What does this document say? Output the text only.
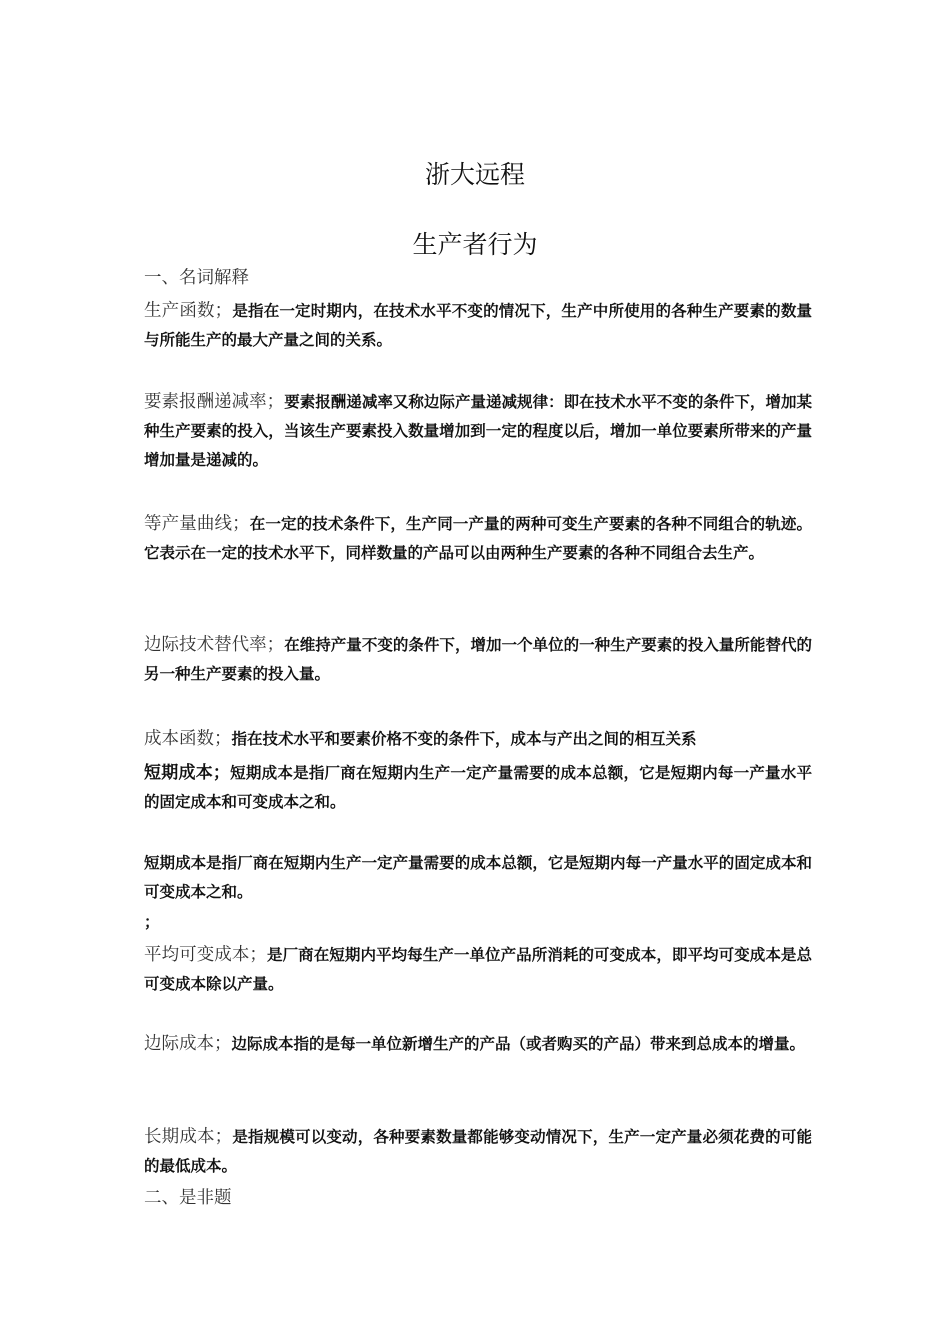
浙大远程
生产者行为

一、名词解释

生产函数；是指在一定时期内，在技术水平不变的情况下，生产中所使用的各种生产要素的数量与所能生产的最大产量之间的关系。

要素报酬递减率；要素报酬递减率又称边际产量递减规律：即在技术水平不变的条件下，增加某种生产要素的投入，当该生产要素投入数量增加到一定的程度以后，增加一单位要素所带来的产量增加量是递减的。

等产量曲线；在一定的技术条件下，生产同一产量的两种可变生产要素的各种不同组合的轨迹。它表示在一定的技术水平下，同样数量的产品可以由两种生产要素的各种不同组合去生产。

边际技术替代率；在维持产量不变的条件下，增加一个单位的一种生产要素的投入量所能替代的另一种生产要素的投入量。

成本函数；指在技术水平和要素价格不变的条件下，成本与产出之间的相互关系

短期成本；短期成本是指厂商在短期内生产一定产量需要的成本总额，它是短期内每一产量水平的固定成本和可变成本之和。

短期成本是指厂商在短期内生产一定产量需要的成本总额，它是短期内每一产量水平的固定成本和可变成本之和。

；

平均可变成本；是厂商在短期内平均每生产一单位产品所消耗的可变成本，即平均可变成本是总可变成本除以产量。

边际成本；边际成本指的是每一单位新增生产的产品（或者购买的产品）带来到总成本的增量。

长期成本；是指规模可以变动，各种要素数量都能够变动情况下，生产一定产量必须花费的可能的最低成本。

二、是非题
